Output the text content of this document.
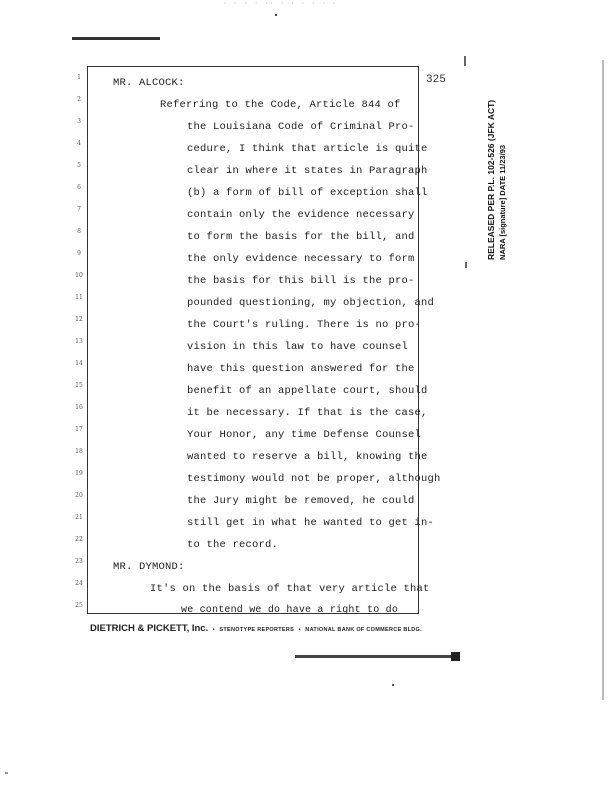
· · · · ·· · · · · · ·
325
1
2
3
4
5
6
7
8
9
10
11
12
13
14
15
16
17
18
19
20
21
22
23
24
25
MR. ALCOCK:
Referring to the Code, Article 844 of
the Louisiana Code of Criminal Pro-
cedure, I think that article is quite
clear in where it states in Paragraph
(b) a form of bill of exception shall
contain only the evidence necessary
to form the basis for the bill, and
the only evidence necessary to form
the basis for this bill is the pro-
pounded questioning, my objection, and
the Court's ruling. There is no pro-
vision in this law to have counsel
have this question answered for the
benefit of an appellate court, should
it be necessary. If that is the case,
Your Honor, any time Defense Counsel
wanted to reserve a bill, knowing the
testimony would not be proper, although
the Jury might be removed, he could
still get in what he wanted to get in-
to the record.
MR. DYMOND:
It's on the basis of that very article that
we contend we do have a right to do
DIETRICH & PICKETT, Inc. • STENOTYPE REPORTERS • NATIONAL BANK OF COMMERCE BLDG.
RELEASED PER P.L. 102-526 (JFK ACT) NARA [signature] DATE 11/23/93
